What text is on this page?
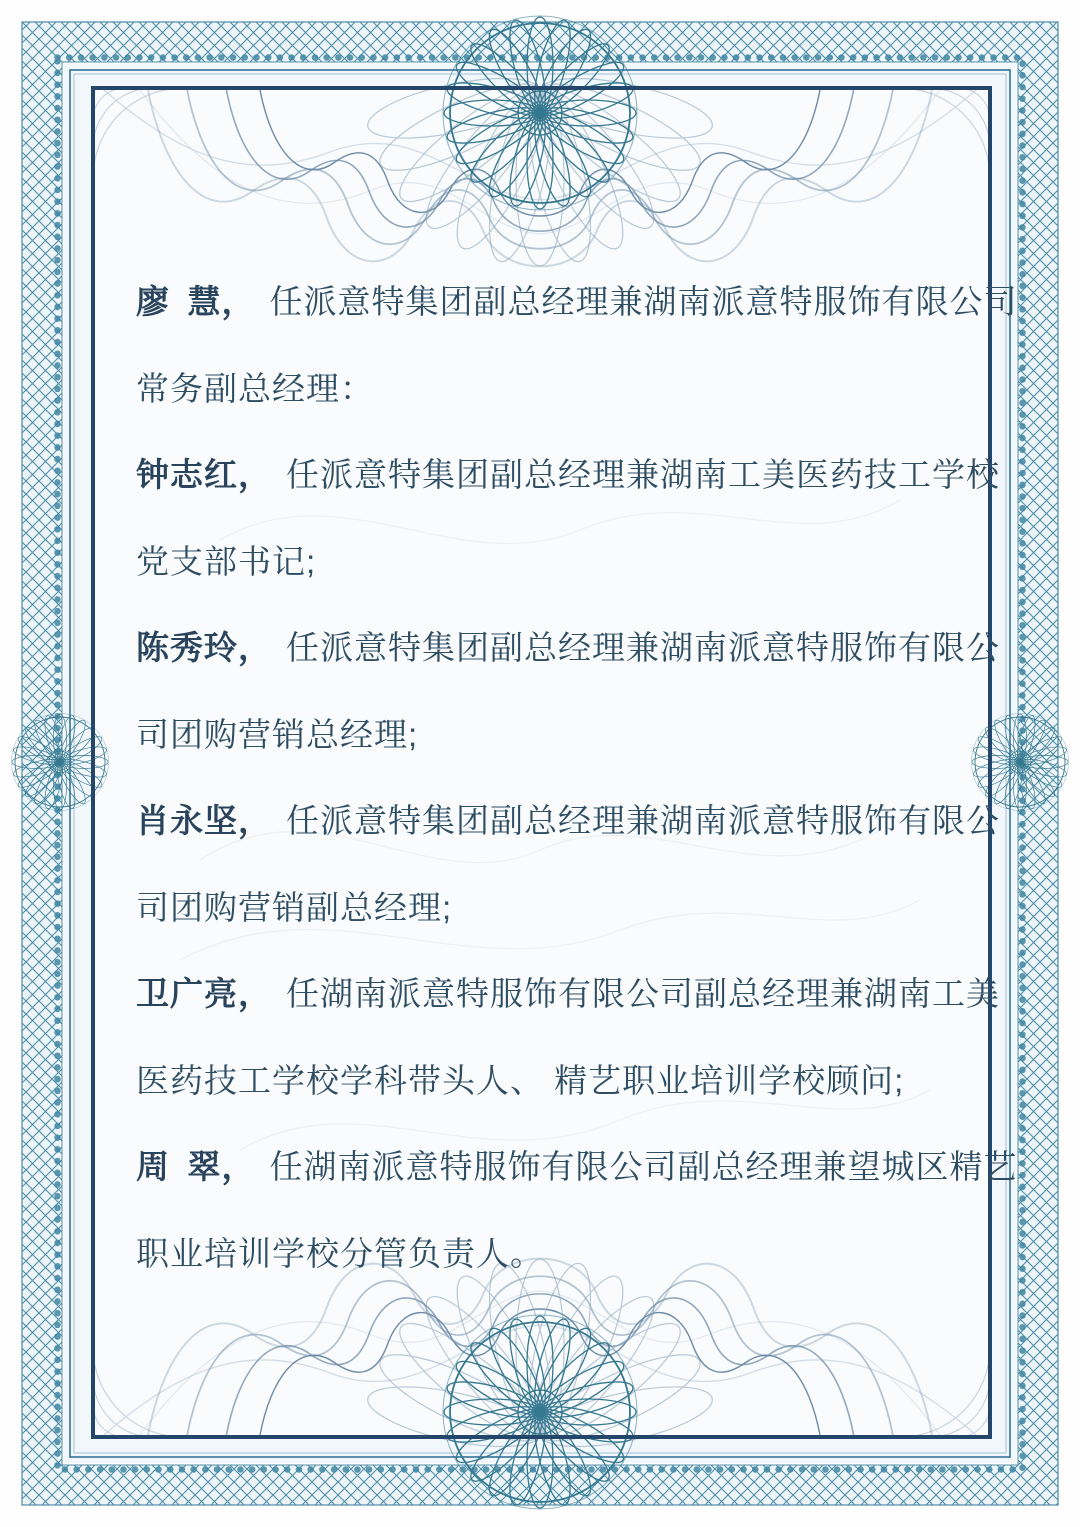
廖 慧， 任派意特集团副总经理兼湖南派意特服饰有限公司
常务副总经理：
钟志红， 任派意特集团副总经理兼湖南工美医药技工学校
党支部书记;
陈秀玲， 任派意特集团副总经理兼湖南派意特服饰有限公
司团购营销总经理;
肖永坚， 任派意特集团副总经理兼湖南派意特服饰有限公
司团购营销副总经理;
卫广亮， 任湖南派意特服饰有限公司副总经理兼湖南工美
医药技工学校学科带头人、 精艺职业培训学校顾问;
周 翠， 任湖南派意特服饰有限公司副总经理兼望城区精艺
职业培训学校分管负责人。
